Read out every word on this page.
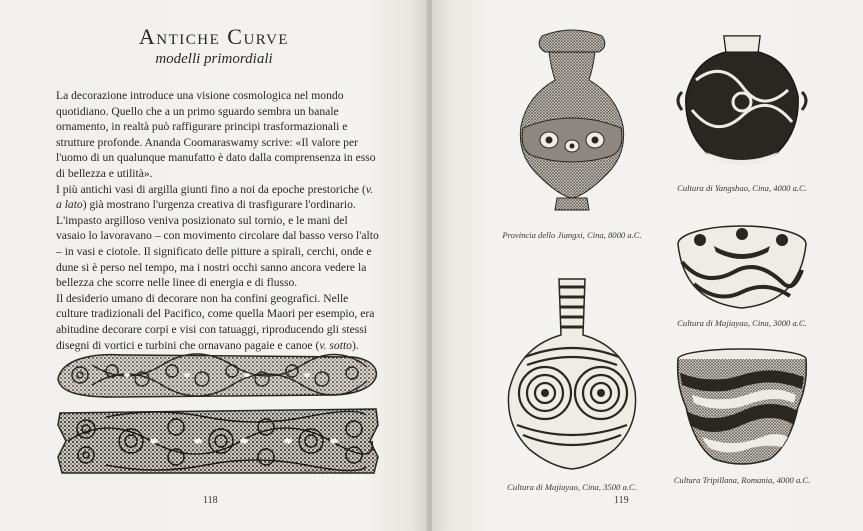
Antiche Curve
modelli primordiali

La decorazione introduce una visione cosmologica nel mondo quotidiano. Quello che a un primo sguardo sembra un banale ornamento, in realtà può raffigurare principi trasformazionali e strutture profonde. Ananda Coomaraswamy scrive: «Il valore per l'uomo di un qualunque manufatto è dato dalla comprensenza in esso di bellezza e utilità».

I più antichi vasi di argilla giunti fino a noi da epoche prestoriche (v. a lato) già mostrano l'urgenza creativa di trasfigurare l'ordinario. L'impasto argilloso veniva posizionato sul tornio, e le mani del vasaio lo lavoravano – con movimento circolare dal basso verso l'alto – in vasi e ciotole. Il significato delle pitture a spirali, cerchi, onde e dune si è perso nel tempo, ma i nostri occhi sanno ancora vedere la bellezza che scorre nelle linee di energia e di flusso.

Il desiderio umano di decorare non ha confini geografici. Nelle culture tradizionali del Pacifico, come quella Maori per esempio, era abitudine decorare corpi e visi con tatuaggi, riproducendo gli stessi disegni di vortici e turbini che ornavano pagaie e canoe (v. sotto).

J. PAYNE SCULPT
118
Provincia dello Jiangxi, Cina, 8000 a.C.
Cultura di Yangshao, Cina, 4000 a.C.
Cultura di Majiayao, Cina, 3000 a.C.
Cultura di Majiayao, Cina, 3500 a.C.
Cultura Tripillana, Romania, 4000 a.C.
119
